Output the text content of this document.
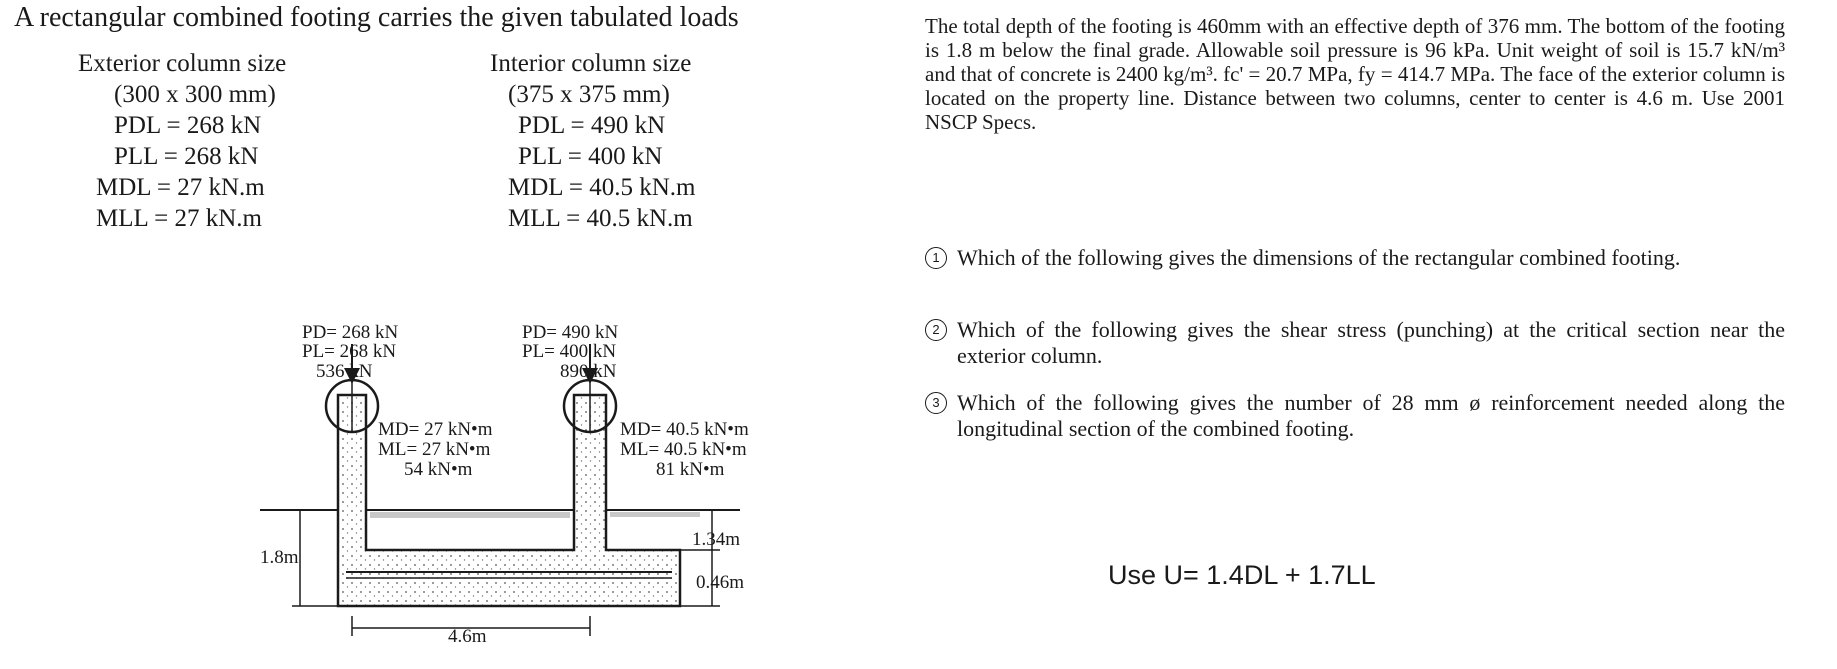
A rectangular combined footing carries the given tabulated loads
Exterior column size
(300 x 300 mm)
PDL = 268 kN
PLL = 268 kN
MDL = 27 kN.m
MLL = 27 kN.m
Interior column size
(375 x 375 mm)
PDL = 490 kN
PLL = 400 kN
MDL = 40.5 kN.m
MLL = 40.5 kN.m
PD= 268 kN
PL= 268 kN
536 kN
MD= 27 kN•m
ML= 27 kN•m
54 kN•m
PD= 490 kN
PL= 400 kN
890 kN
MD= 40.5 kN•m
ML= 40.5 kN•m
81 kN•m
1.8m
1.34m
0.46m
4.6m
The total depth of the footing is 460mm with an effective depth of 376 mm. The bottom of the footing is 1.8 m below the final grade. Allowable soil pressure is 96 kPa. Unit weight of soil is 15.7 kN/m³ and that of concrete is 2400 kg/m³. fc' = 20.7 MPa, fy = 414.7 MPa. The face of the exterior column is located on the property line. Distance between two columns, center to center is 4.6 m. Use 2001 NSCP Specs.
1 Which of the following gives the dimensions of the rectangular combined footing.
2 Which of the following gives the shear stress (punching) at the critical section near the exterior column.
3 Which of the following gives the number of 28 mm ø reinforcement needed along the longitudinal section of the combined footing.
Use U= 1.4DL + 1.7LL
